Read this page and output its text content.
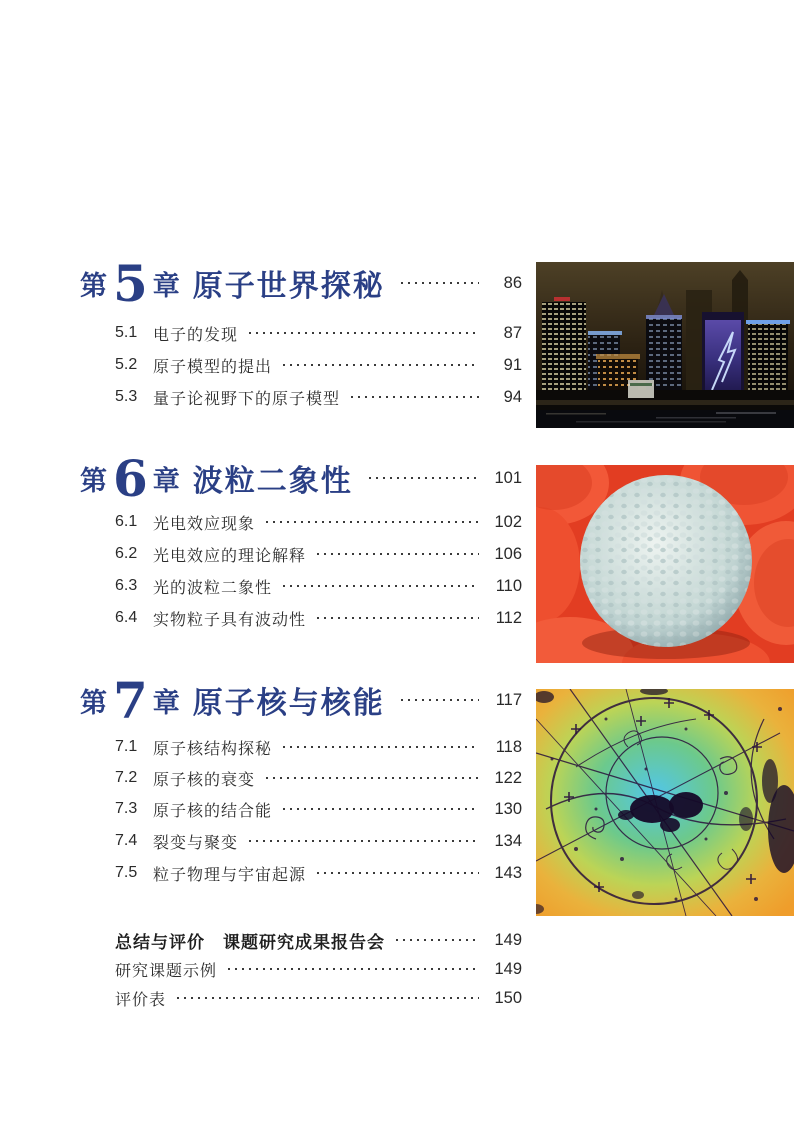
第 5 章 原子世界探秘	86
5.1 电子的发现	87
5.2 原子模型的提出	91
5.3 量子论视野下的原子模型	94
第 6 章 波粒二象性	101
6.1 光电效应现象	102
6.2 光电效应的理论解释	106
6.3 光的波粒二象性	110
6.4 实物粒子具有波动性	112
第 7 章 原子核与核能	117
7.1 原子核结构探秘	118
7.2 原子核的衰变	122
7.3 原子核的结合能	130
7.4 裂变与聚变	134
7.5 粒子物理与宇宙起源	143
总结与评价　课题研究成果报告会	149
研究课题示例	149
评价表	150
